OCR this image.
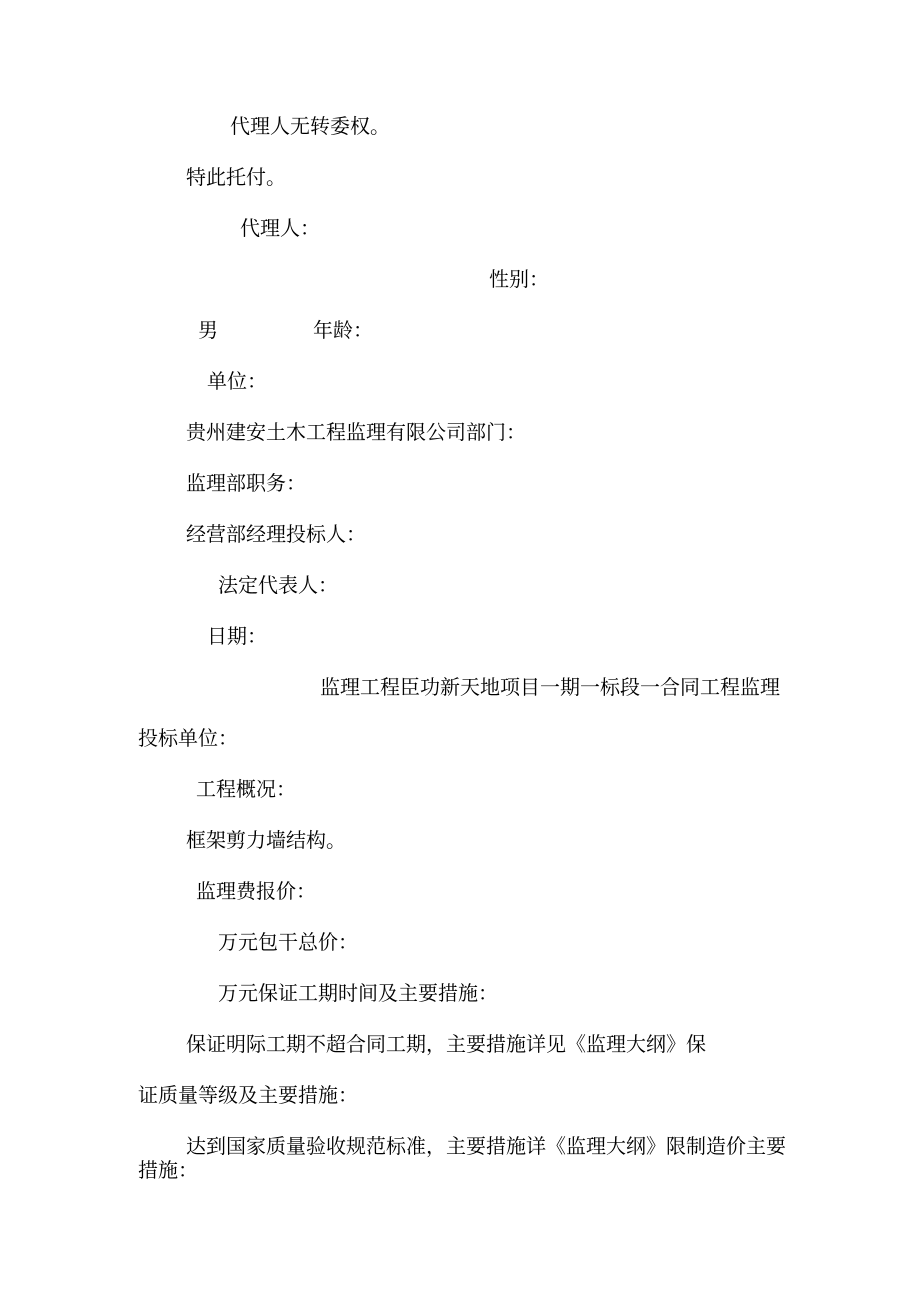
代理人无转委权。

特此托付。

代理人：

性别：

男	年龄：

单位：

贵州建安土木工程监理有限公司部门：

监理部职务：

经营部经理投标人：

法定代表人：

日期：

监理工程臣功新天地项目一期一标段一合同工程监理

投标单位：

工程概况：

框架剪力墙结构。

监理费报价：

万元包干总价：

万元保证工期时间及主要措施：

保证明际工期不超合同工期，主要措施详见《监理大纲》保

证质量等级及主要措施：

达到国家质量验收规范标准，主要措施详《监理大纲》限制造价主要

措施：
